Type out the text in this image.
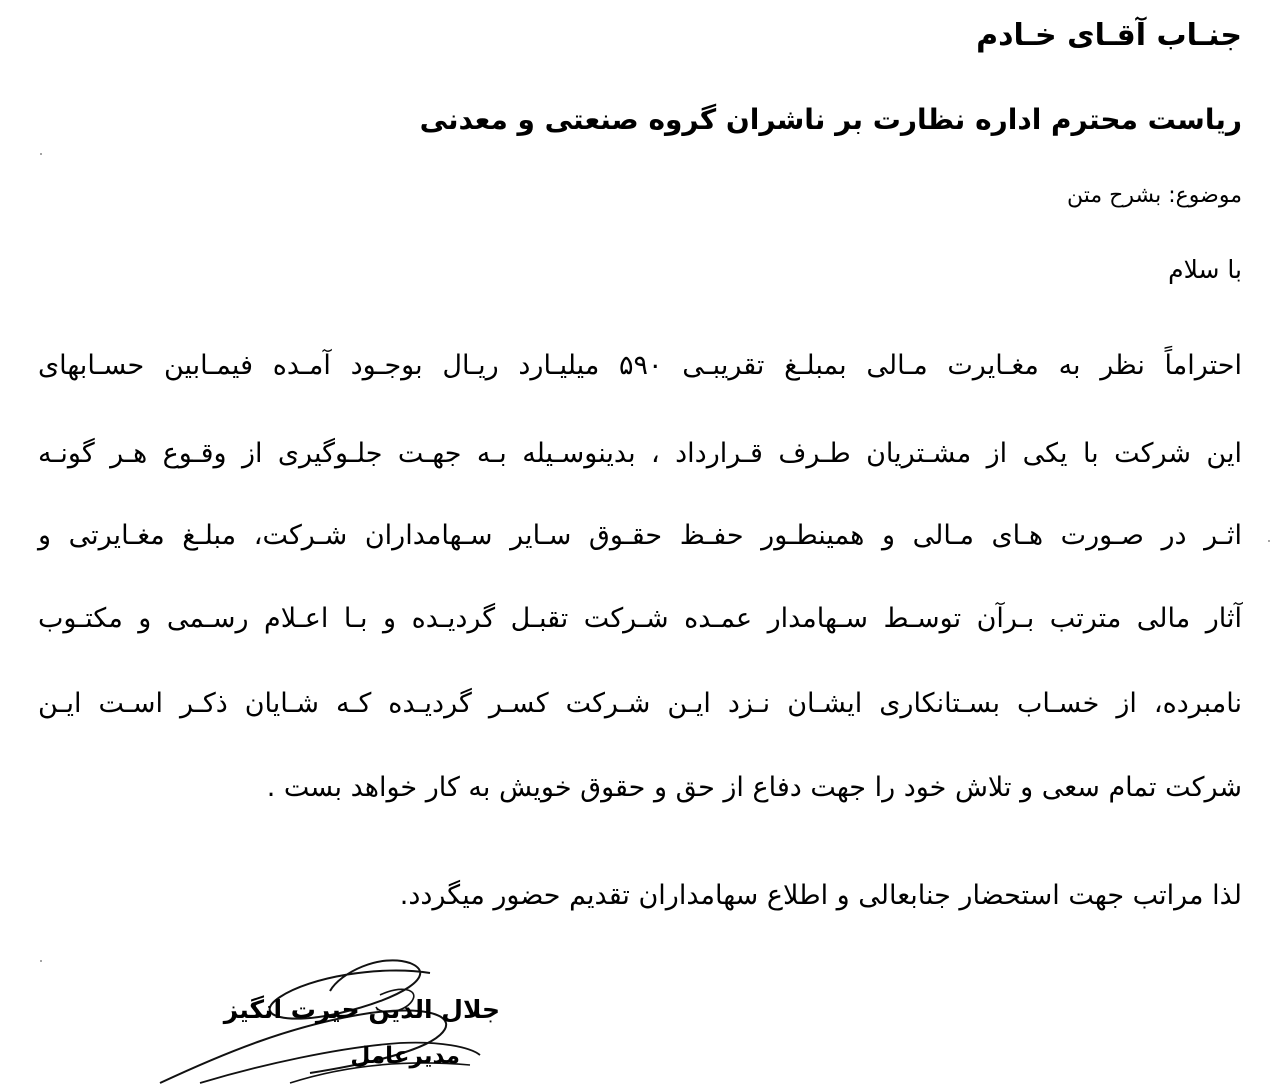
جنـاب آقـای خـادم
ریاست محترم اداره نظارت بر ناشران گروه صنعتی و معدنی
موضوع: بشرح متن
با سلام
احتراماً نظر به مغـایرت مـالی بمبلـغ تقریبـی ۵۹۰ میلیـارد ریـال بوجـود آمـده فیمـابین حسـابهای
این شرکت با یکی از مشـتریان طـرف قـرارداد ، بدینوسـیله بـه جهـت جلـوگیری از وقـوع هـر گونـه
اثـر در صـورت هـای مـالی و همینطـور حفـظ حقـوق سـایر سـهامداران شـرکت، مبلـغ مغـایرتی و
آثار مالی مترتب بـرآن توسـط سـهامدار عمـده شـرکت تقبـل گردیـده و بـا اعـلام رسـمی و مکتـوب
نامبرده، از خسـاب بسـتانکاری ایشـان نـزد ایـن شـرکت کسـر گردیـده کـه شـایان ذکـر اسـت ایـن
شرکت تمام سعی و تلاش خود را جهت دفاع از حق و حقوق خویش به کار خواهد بست .
لذا مراتب جهت استحضار جنابعالی و اطلاع سهامداران تقدیم حضور میگردد.
جلال الدین حیرت انگیز
مدیرعامل
